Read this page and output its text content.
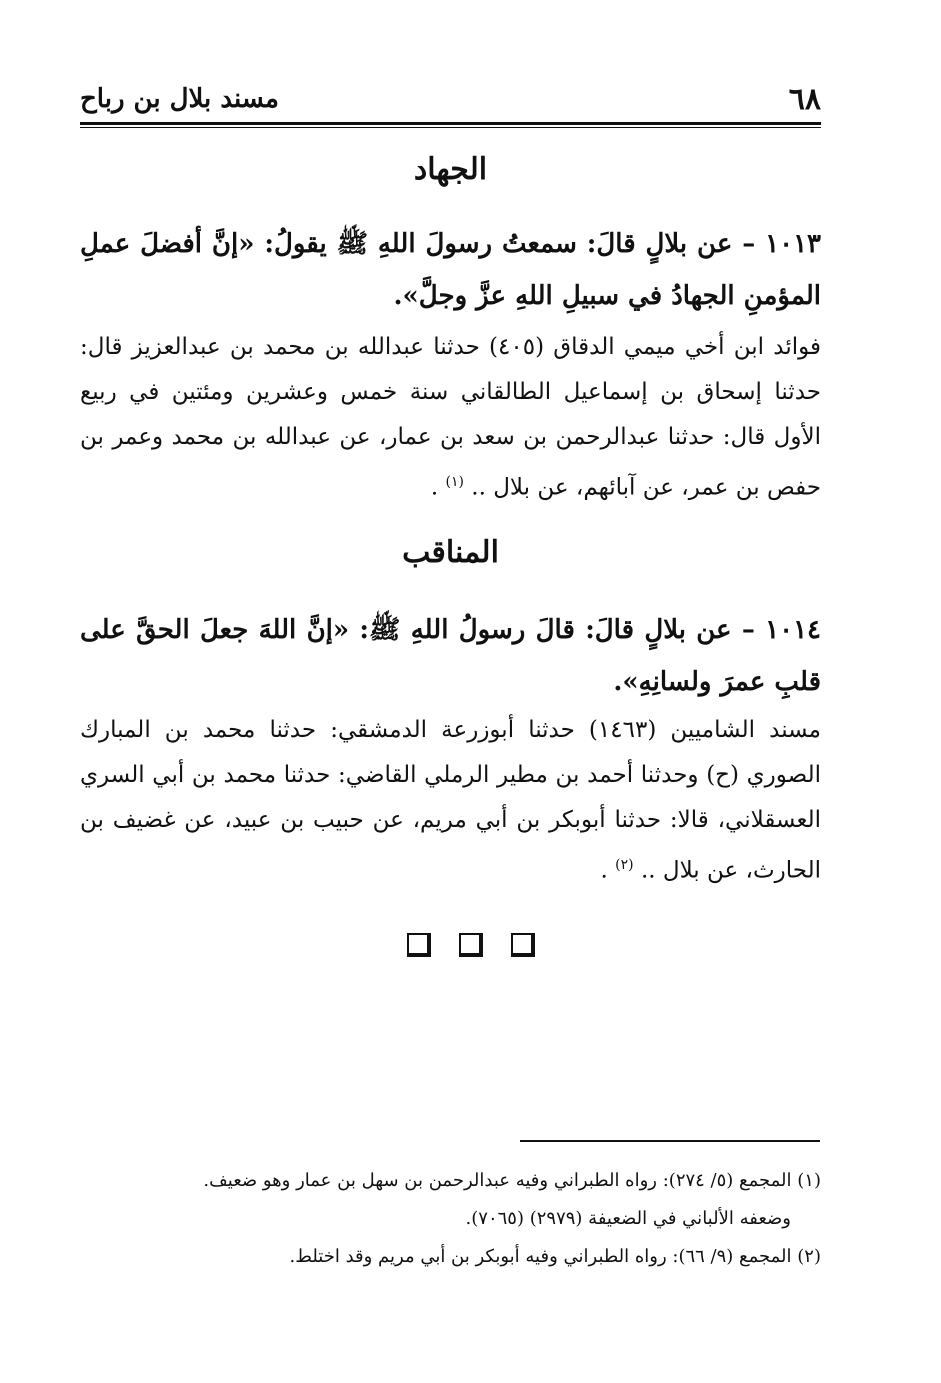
٦٨
مسند بلال بن رباح
الجهاد
١٠١٣ – عن بلالٍ قالَ: سمعتُ رسولَ اللهِ ﷺ يقولُ: «إنَّ أفضلَ عملِ المؤمنِ الجهادُ في سبيلِ اللهِ عزَّ وجلَّ».
فوائد ابن أخي ميمي الدقاق (٤٠٥) حدثنا عبدالله بن محمد بن عبدالعزيز قال: حدثنا إسحاق بن إسماعيل الطالقاني سنة خمس وعشرين ومئتين في ربيع الأول قال: حدثنا عبدالرحمن بن سعد بن عمار، عن عبدالله بن محمد وعمر بن حفص بن عمر، عن آبائهم، عن بلال .. $^{(١)}$ .
المناقب
١٠١٤ – عن بلالٍ قالَ: قالَ رسولُ اللهِ ﷺ: «إنَّ اللهَ جعلَ الحقَّ على قلبِ عمرَ ولسانِهِ».
مسند الشاميين (١٤٦٣) حدثنا أبوزرعة الدمشقي: حدثنا محمد بن المبارك الصوري (ح) وحدثنا أحمد بن مطير الرملي القاضي: حدثنا محمد بن أبي السري العسقلاني، قالا: حدثنا أبوبكر بن أبي مريم، عن حبيب بن عبيد، عن غضيف بن الحارث، عن بلال .. $^{(٢)}$ .
(١) المجمع (٥/ ٢٧٤): رواه الطبراني وفيه عبدالرحمن بن سهل بن عمار وهو ضعيف.
وضعفه الألباني في الضعيفة (٢٩٧٩) (٧٠٦٥).
(٢) المجمع (٩/ ٦٦): رواه الطبراني وفيه أبوبكر بن أبي مريم وقد اختلط.
